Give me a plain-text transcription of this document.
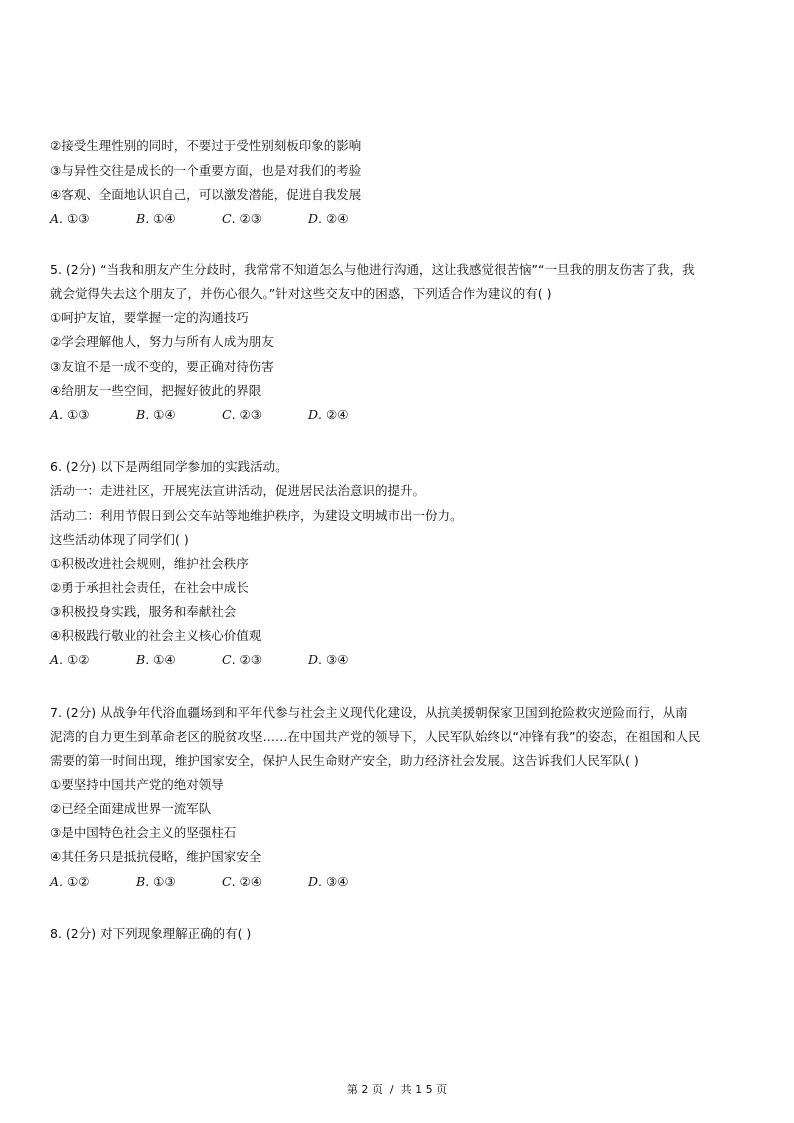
②接受生理性别的同时，不要过于受性别刻板印象的影响
③与异性交往是成长的一个重要方面，也是对我们的考验
④客观、全面地认识自己，可以激发潜能，促进自我发展
A. ①③	B. ①④	C. ②③	D. ②④
5. (2分) “当我和朋友产生分歧时，我常常不知道怎么与他进行沟通，这让我感觉很苦恼”“一旦我的朋友伤害了我，我
就会觉得失去这个朋友了，并伤心很久。”针对这些交友中的困惑，下列适合作为建议的有( )
①呵护友谊，要掌握一定的沟通技巧
②学会理解他人，努力与所有人成为朋友
③友谊不是一成不变的，要正确对待伤害
④给朋友一些空间，把握好彼此的界限
A. ①③	B. ①④	C. ②③	D. ②④
6. (2分) 以下是两组同学参加的实践活动。
活动一：走进社区，开展宪法宣讲活动，促进居民法治意识的提升。
活动二：利用节假日到公交车站等地维护秩序，为建设文明城市出一份力。
这些活动体现了同学们( )
①积极改进社会规则，维护社会秩序
②勇于承担社会责任，在社会中成长
③积极投身实践，服务和奉献社会
④积极践行敬业的社会主义核心价值观
A. ①②	B. ①④	C. ②③	D. ③④
7. (2分) 从战争年代浴血疆场到和平年代参与社会主义现代化建设，从抗美援朝保家卫国到抢险救灾逆险而行，从南
泥湾的自力更生到革命老区的脱贫攻坚……在中国共产党的领导下，人民军队始终以“冲锋有我”的姿态，在祖国和人民
需要的第一时间出现，维护国家安全，保护人民生命财产安全，助力经济社会发展。这告诉我们人民军队( )
①要坚持中国共产党的绝对领导
②已经全面建成世界一流军队
③是中国特色社会主义的坚强柱石
④其任务只是抵抗侵略，维护国家安全
A. ①②	B. ①③	C. ②④	D. ③④
8. (2分) 对下列现象理解正确的有( )
第 2 页  /  共 1 5 页
